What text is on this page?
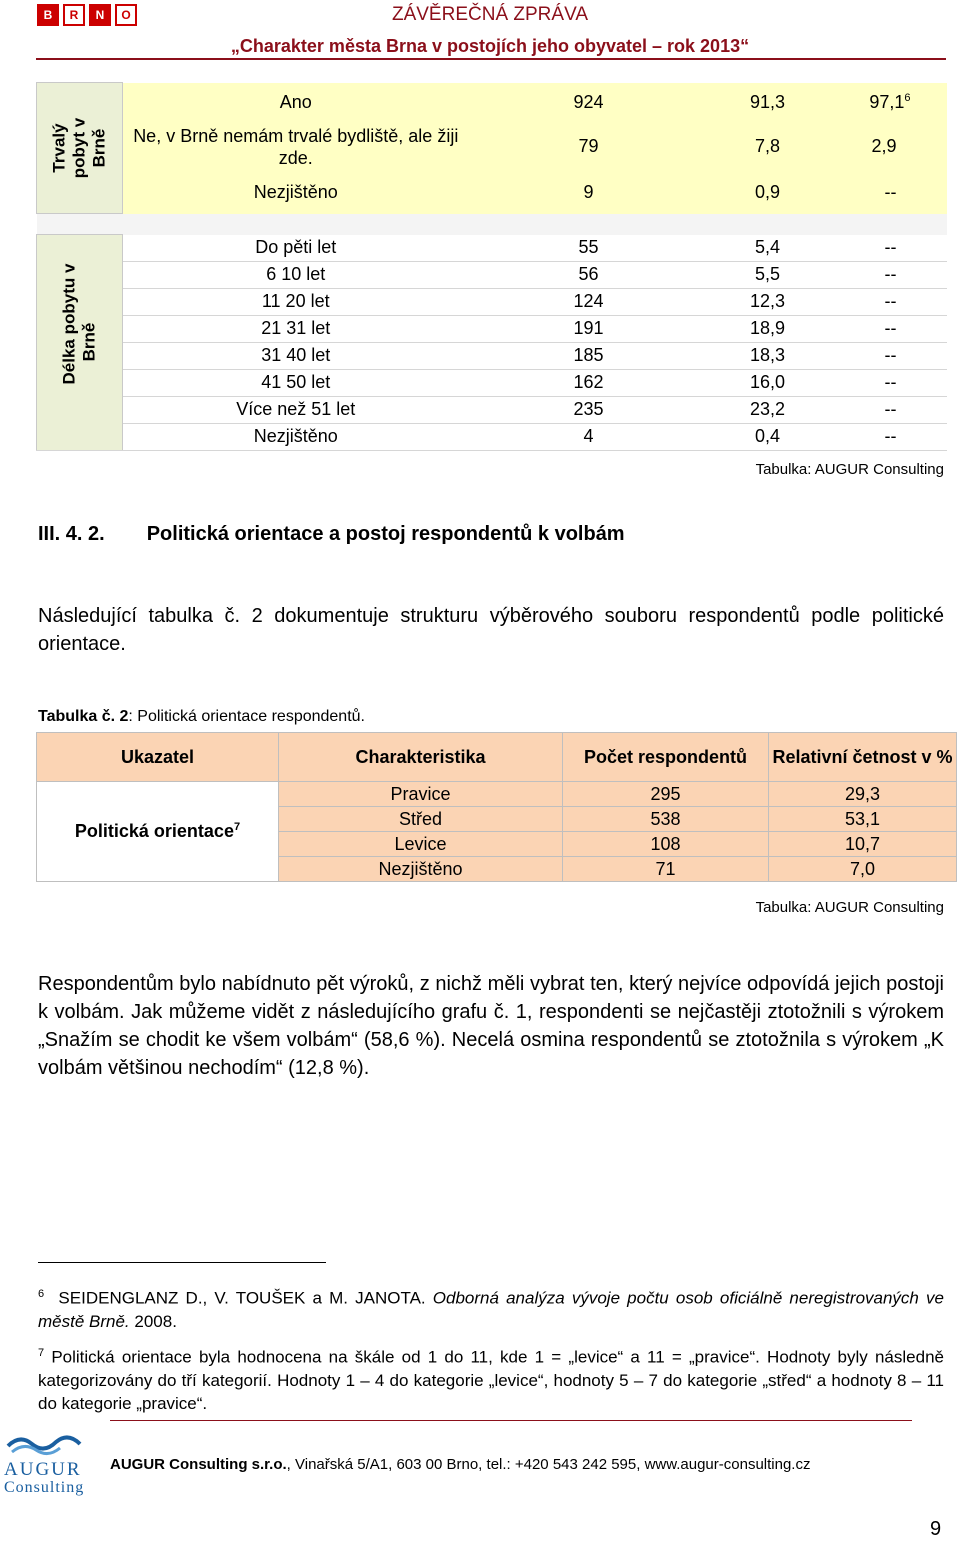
B	R	N	O	ZÁVĚREČNÁ ZPRÁVA
„Charakter města Brna v postojích jeho obyvatel – rok 2013“
Trvalý
pobyt v
Brně	Ano	924	91,3	97,1$^6$
	Ne, v Brně nemám trvalé bydliště, ale žiji zde.	79	7,8	2,9
	Nezjištěno	9	0,9	--

Délka pobytu v
Brně	Do pěti let	55	5,4	--
	6 10 let	56	5,5	--
	11 20 let	124	12,3	--
	21 31 let	191	18,9	--
	31 40 let	185	18,3	--
	41 50 let	162	16,0	--
	Více než 51 let	235	23,2	--
	Nezjištěno	4	0,4	--
Tabulka: AUGUR Consulting
III. 4. 2. Politická orientace a postoj respondentů k volbám
Následující tabulka č. 2 dokumentuje strukturu výběrového souboru respondentů podle politické orientace.
Tabulka č. 2: Politická orientace respondentů.
Ukazatel	Charakteristika	Počet respondentů	Relativní četnost v %
Politická orientace$^7$	Pravice	295	29,3
	Střed	538	53,1
	Levice	108	10,7
	Nezjištěno	71	7,0
Tabulka: AUGUR Consulting
Respondentům bylo nabídnuto pět výroků, z nichž měli vybrat ten, který nejvíce odpovídá jejich postoji k volbám. Jak můžeme vidět z následujícího grafu č. 1, respondenti se nejčastěji ztotožnili s výrokem „Snažím se chodit ke všem volbám“ (58,6 %). Necelá osmina respondentů se ztotožnila s výrokem „K volbám většinou nechodím“ (12,8 %).
$^6$ SEIDENGLANZ D., V. TOUŠEK a M. JANOTA. Odborná analýza vývoje počtu osob oficiálně neregistrovaných ve městě Brně. 2008.
$^7$ Politická orientace byla hodnocena na škále od 1 do 11, kde 1 = „levice“ a 11 = „pravice“. Hodnoty byly následně kategorizovány do tří kategorií. Hodnoty 1 – 4 do kategorie „levice“, hodnoty 5 – 7 do kategorie „střed“ a hodnoty 8 – 11 do kategorie „pravice“.
AUGUR
Consulting
AUGUR Consulting s.r.o., Vinařská 5/A1, 603 00 Brno, tel.: +420 543 242 595, www.augur-consulting.cz
9
